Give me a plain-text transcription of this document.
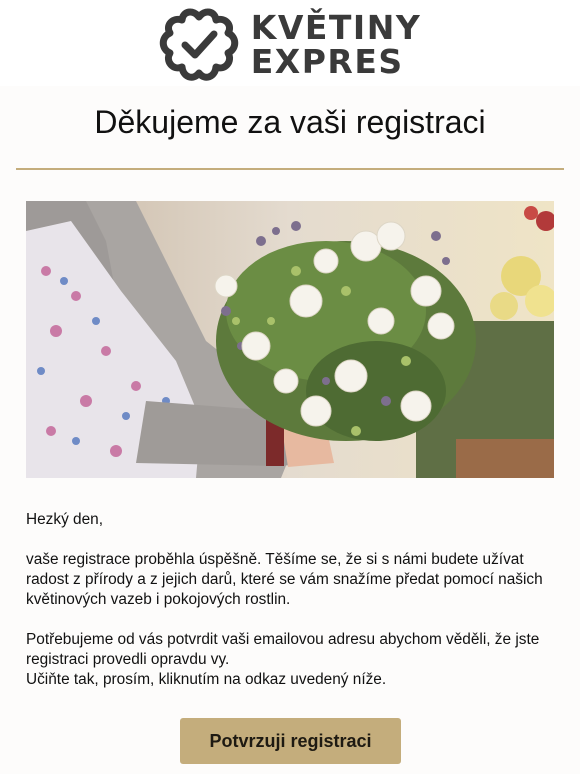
KVĚTINY
EXPRES
Děkujeme za vaši registraci

Hezký den,

vaše registrace proběhla úspěšně. Těšíme se, že si s námi budete užívat radost z přírody a z jejich darů, které se vám snažíme předat pomocí našich květinových vazeb i pokojových rostlin.

Potřebujeme od vás potvrdit vaši emailovou adresu abychom věděli, že jste registraci provedli opravdu vy.

Učiňte tak, prosím, kliknutím na odkaz uvedený níže.

Potvrzuji registraci
